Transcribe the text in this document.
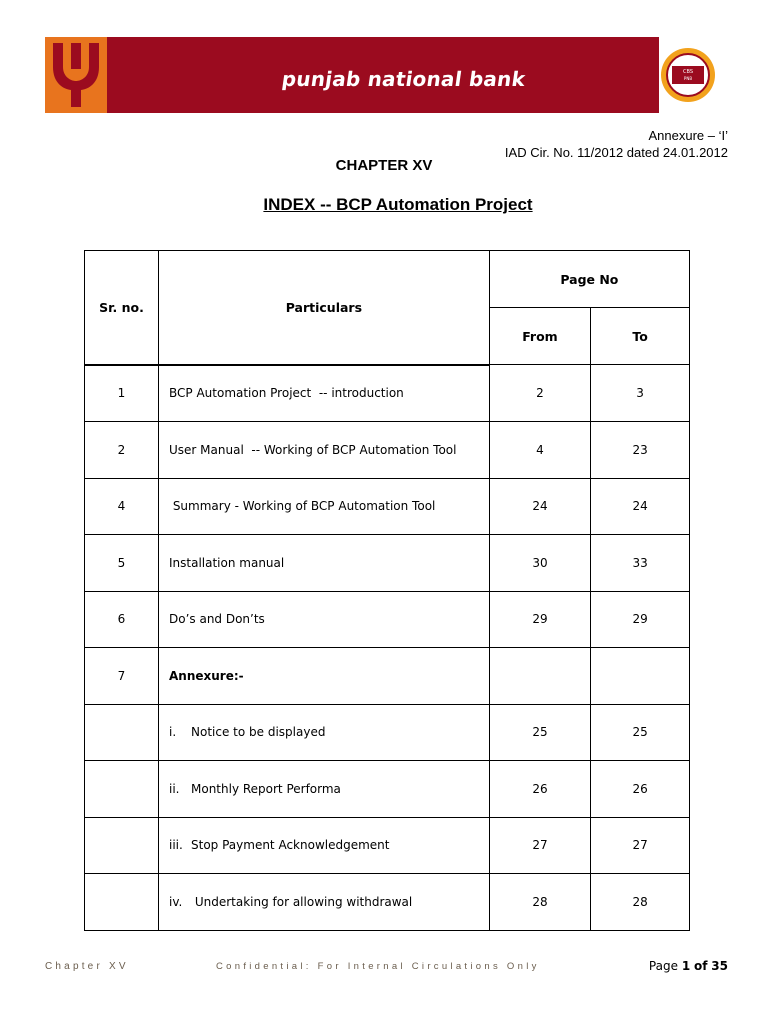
punjab national bank	CBS
PNB
Annexure – ‘I’
IAD Cir. No. 11/2012 dated 24.01.2012
CHAPTER XV
INDEX -- BCP Automation Project
Sr. no.	Particulars	Page No	
		From	To
1	BCP Automation Project  -- introduction	2	3
2	User Manual  -- Working of BCP Automation Tool	4	23
4	Summary - Working of BCP Automation Tool	24	24
5	Installation manual	30	33
6	Do’s and Don’ts	29	29
7	Annexure:-		
	i. Notice to be displayed	25	25
	ii. Monthly Report Performa	26	26
	iii. Stop Payment Acknowledgement	27	27
	iv. Undertaking for allowing withdrawal	28	28
Chapter XV	Confidential: For Internal Circulations Only	Page 1 of 35
